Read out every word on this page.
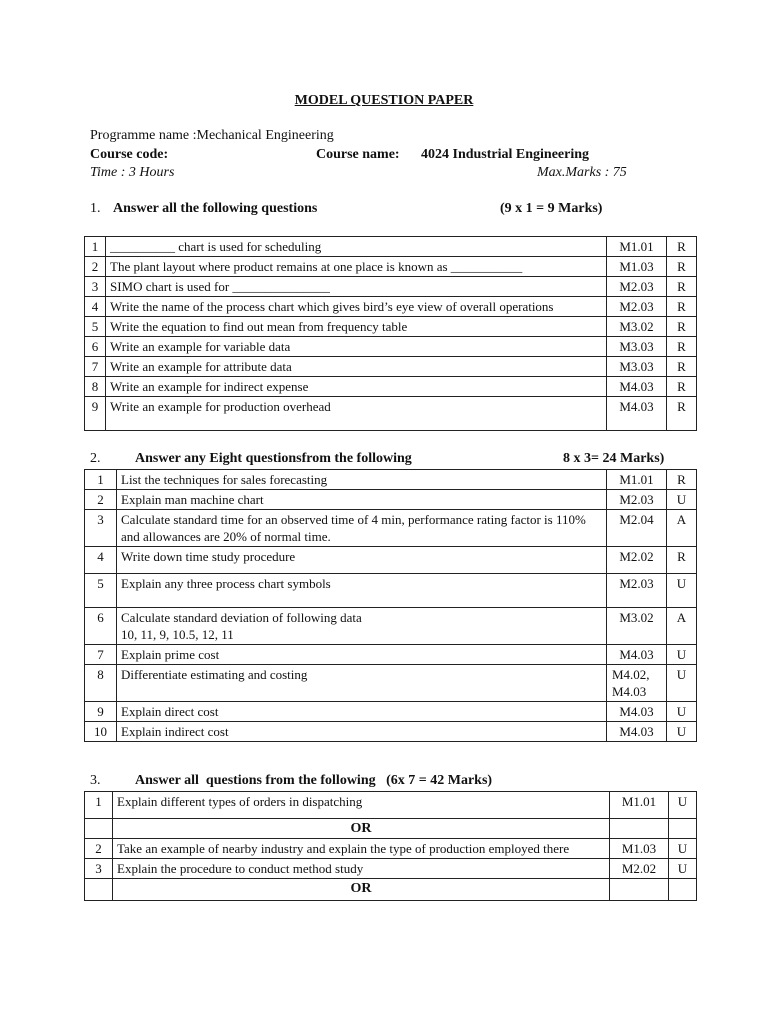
MODEL QUESTION PAPER
Programme name :Mechanical Engineering
Course code:	Course name: 4024 Industrial Engineering
Time : 3 Hours	Max.Marks : 75
1. Answer all the following questions	(9 x 1 = 9 Marks)
1	__________ chart is used for scheduling	M1.01	R
2	The plant layout where product remains at one place is known as ___________	M1.03	R
3	SIMO chart is used for _______________	M2.03	R
4	Write the name of the process chart which gives bird’s eye view of overall operations	M2.03	R
5	Write the equation to find out mean from frequency table	M3.02	R
6	Write an example for variable data	M3.03	R
7	Write an example for attribute data	M3.03	R
8	Write an example for indirect expense	M4.03	R
9	Write an example for production overhead	M4.03	R
2. Answer any Eight questionsfrom the following	8 x 3= 24 Marks)
1	List the techniques for sales forecasting	M1.01	R
2	Explain man machine chart	M2.03	U
3	Calculate standard time for an observed time of 4 min, performance rating factor is 110% and allowances are 20% of normal time.	M2.04	A
4	Write down time study procedure	M2.02	R
5	Explain any three process chart symbols	M2.03	U
6	Calculate standard deviation of following data
10, 11, 9, 10.5, 12, 11	M3.02	A
7	Explain prime cost	M4.03	U
8	Differentiate estimating and costing	M4.02,
M4.03	U
9	Explain direct cost	M4.03	U
10	Explain indirect cost	M4.03	U
3. Answer all  questions from the following   (6x 7 = 42 Marks)
1	Explain different types of orders in dispatching	M1.01	U
	OR		
2	Take an example of nearby industry and explain the type of production employed there	M1.03	U
3	Explain the procedure to conduct method study	M2.02	U
	OR		
